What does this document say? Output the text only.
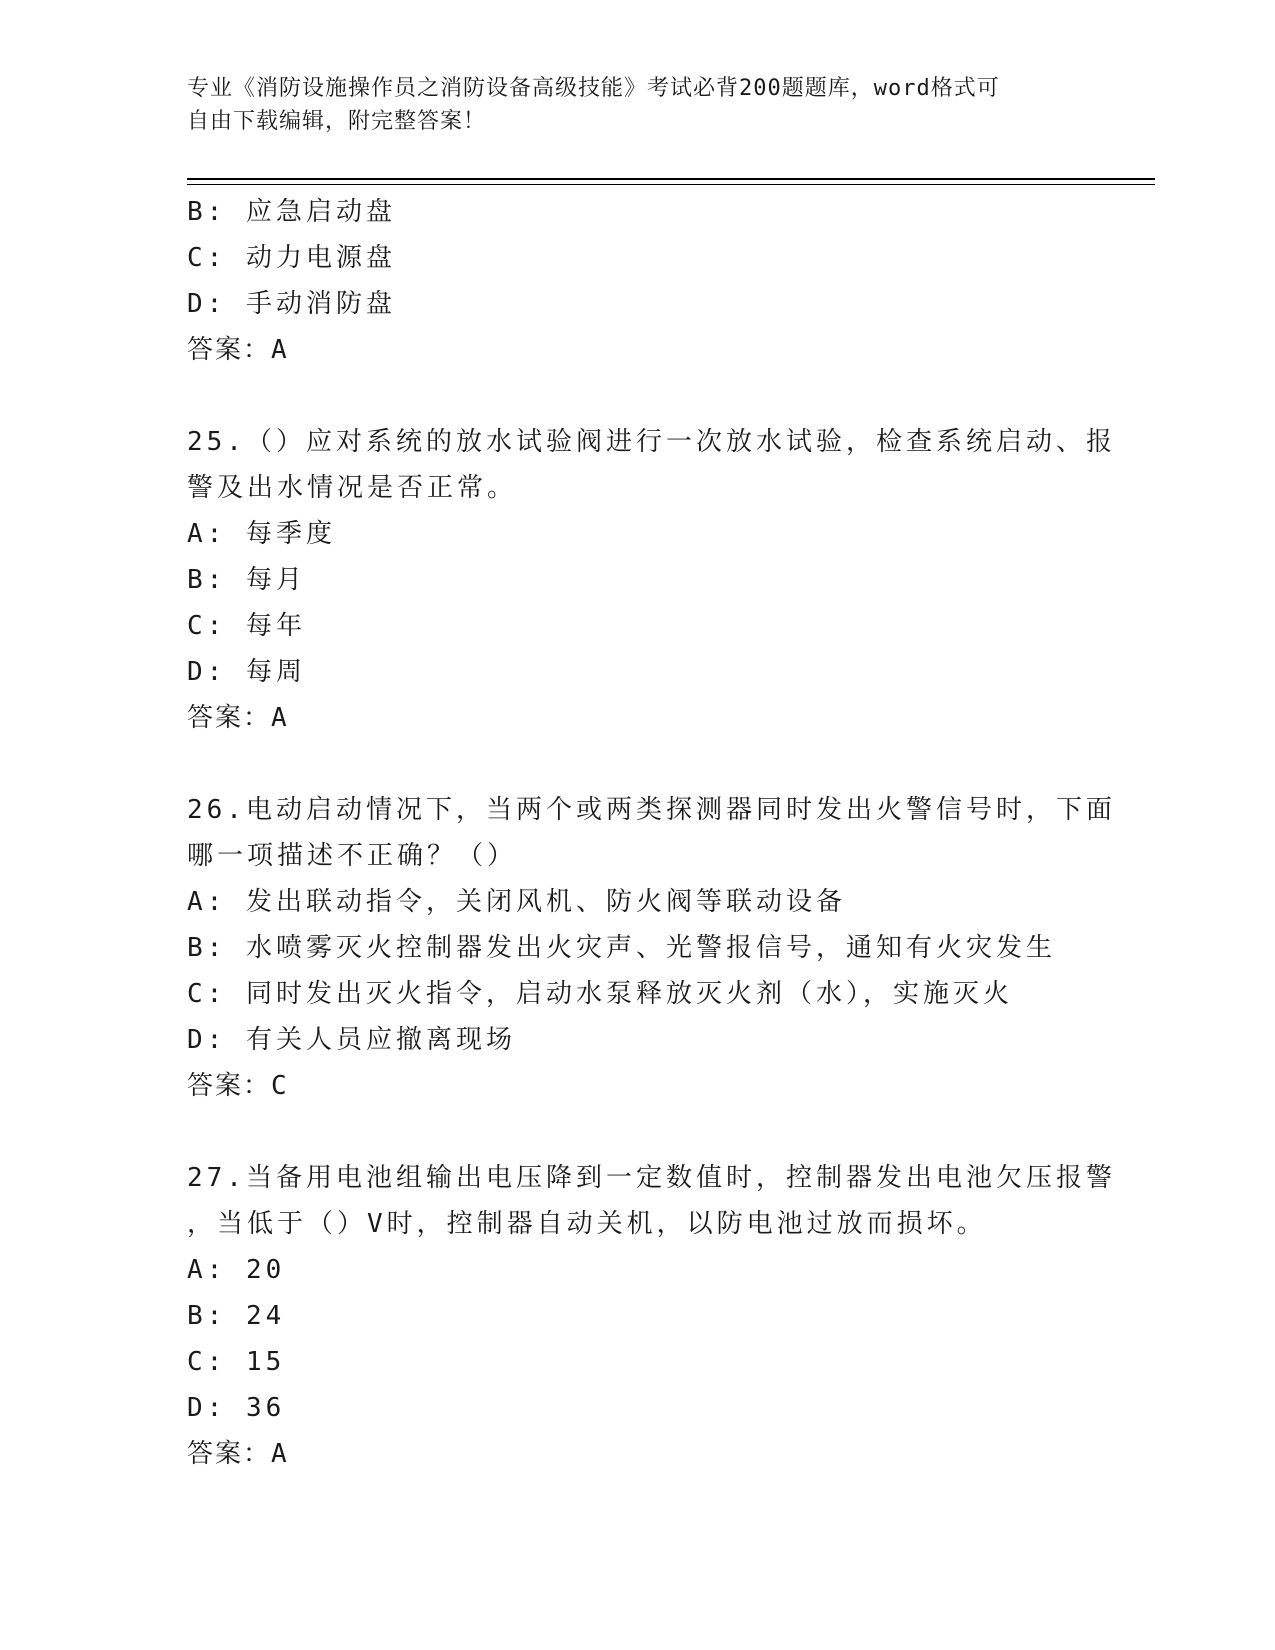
专业《消防设施操作员之消防设备高级技能》考试必背200题题库，word格式可
自由下载编辑，附完整答案！
B: 应急启动盘
C: 动力电源盘
D: 手动消防盘
答案：A
25.（）应对系统的放水试验阀进行一次放水试验，检查系统启动、报
警及出水情况是否正常。
A: 每季度
B: 每月
C: 每年
D: 每周
答案：A
26.电动启动情况下，当两个或两类探测器同时发出火警信号时，下面
哪一项描述不正确？（）
A: 发出联动指令，关闭风机、防火阀等联动设备
B: 水喷雾灭火控制器发出火灾声、光警报信号，通知有火灾发生
C: 同时发出灭火指令，启动水泵释放灭火剂（水），实施灭火
D: 有关人员应撤离现场
答案：C
27.当备用电池组输出电压降到一定数值时，控制器发出电池欠压报警
，当低于（）V时，控制器自动关机，以防电池过放而损坏。
A: 20
B: 24
C: 15
D: 36
答案：A
